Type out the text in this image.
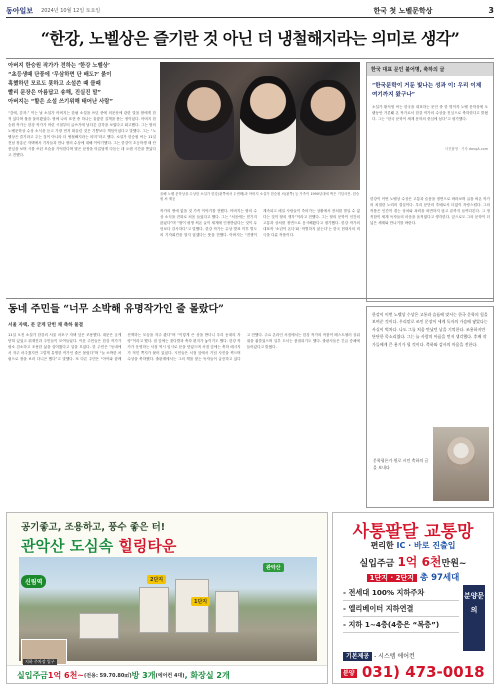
동아일보 2024년 10월 12일 토요일	한국 첫 노벨문학상	3
“한강, 노벨상은 즐기란 것 아닌 더 냉철해지라는 의미로 생각”
아버지 한승원 작가가 전하는 ‘한강 노벨상’
“초등생때 단풍에 ‘무삼하면 단 배도?’ 붉이
혹했하던 모르도 묫하고 소설쓴 때 클때
빨리 문장은 아름답고 송해, 진실진 말”
아버지는 “할은 소설 쓰기위해 태어난 사람”
“감에, 감자.” 이는 날 소설가 아버지는 한필 소설을 쓰던 중에 의문문에 관한 말을 딸에게 한 적 있다며 불을 물어봤었다. 딸에 나의 표현 중 하나는 훌륭한 질책을 묻는 정이었다. 아버지 한승원 작가는 한강 작가가 어린 시절부터 글쓰기에 남다른 감각을 보였다고 회고했다. 그는 딸의 노벨문학상 수상 소식을 듣고 가장 먼저 떠올린 것은 기쁨보다 책임이었다고 말했다. 그는 “노벨상은 즐기라고 주는 것이 아니라 더 냉철해지라는 의미”라고 했다. 소설가 한승원 씨는 11일 전남 장흥군 자택에서 기자들과 만나 딸의 수상에 대해 이야기했다. 그는 한강이 초등학생 때 단풍잎을 보며 시를 쓰던 모습을 기억한다며 딸은 문장을 아름답게 다듬는 데 오랜 시간을 쏟았다고 전했다.
올해 노벨 문학상을 수상한 소설가 한강(왼쪽에서 두번째)과 아버지 소설가 한승원 씨(왼쪽) 등 가족이 1990년대에 찍은 기념사진. 한승원 씨 제공
작가의 생애 없을 것 가족 이야기를 전했다. 아버지는 딸의 수상 소식을 전화로 처음 들었다고 했다. 그는 “처음에는 믿기지 않았다”며 “딸이 평생 써온 글이 세계에 인정받았다는 것이 무엇보다 감사하다”고 말했다. 한강 작가는 수상 발표 이후 별도의 기자회견을 열지 않겠다는 뜻을 전했다. 아버지는 “전쟁이 계속되고 매일 사람들이 죽어가는 상황에서 잔치를 벌일 수 없다는 것이 딸의 생각”이라고 전했다. 그는 딸의 문학이 인간의 고통과 상처를 정면으로 응시해왔다고 평가했다. 한강 작가의 대표작 ‘소년이 온다’와 ‘작별하지 않는다’는 한국 현대사의 비극을 다룬 작품이다.
한국 대표 문인 불어명, 축하의 글
“한국문학이 거둔 빛나는 성과 이! 우리 이제 여기까지 왔구나”
소설가 황석영 씨는 한국을 대표하는 문인 중 한 명이자 노벨 문학상에 오랫동안 거론돼 온 작가로서 한강 작가의 수상을 진심으로 축하한다고 밝혔다. 그는 “한국 문학이 세계 문학의 중심에 섰다”고 평가했다.
사진촬영 · 기자 dongA.com
한강이 이번 노벨상 수상은 고통과 슬픔을 정면으로 바라보며 글을 써온 작가의 치열한 노력의 결실이다. 우리 문단의 후배로서 더없이 자랑스럽다. 그의 작품은 인간이 겪는 상처와 폭력을 외면하지 않고 끝까지 들여다본다. 그 정직함이 세계 독자들의 마음을 움직였다고 생각한다. 앞으로도 그의 문학이 더 넓은 세계와 만나기를 바란다.
동네 주민들 “너무 소박해 유명작가인 줄 몰랐다”
서울 자택, 문 굳게 닫힌 채 축하 물결
11일 오전 소설가 한강의 서울 마포구 자택 앞은 조용했다. 대문은 굳게 닫혀 있었고 취재진과 주민들이 모여들었다. 이웃 주민들은 한강 작가가 평소 검소하고 조용한 삶을 살아왔다고 입을 모았다. 한 주민은 “동네에서 자주 마주쳤지만 그렇게 유명한 작가인 줄은 몰랐다”며 “늘 소박한 차림으로 장을 보러 다니곤 했다”고 말했다. 또 다른 주민은 “아이와 함께 산책하는 모습을 자주 봤다”며 “이렇게 큰 상을 받다니 우리 동네의 자랑”이라고 했다. 집 앞에는 꽃다발과 축하 편지가 놓이기도 했다. 한강 작가가 운영하는 서점 역시 임시로 문을 닫았으며 서점 앞에는 축하 메시지가 적힌 쪽지가 붙어 있었다. 시민들은 서점 앞에서 기념 사진을 찍으며 수상을 축하했다. 출판계에서는 그의 책을 찾는 독자들이 급증하고 있다고 전했다. 주요 온라인 서점에서는 한강 작가의 작품이 베스트셀러 상위권을 휩쓸었으며 일부 도서는 품절되기도 했다. 출판사들은 긴급 증쇄에 들어갔다고 밝혔다.
한강이 이번 노벨상 수상은 고통과 슬픔에 맞서는 한국 문학의 힘을 보여준 것이다. 우리말로 쓰인 문장이 세계 독자의 가슴에 닿았다는 사실이 벅차다. 나도 그를 처음 만났던 날을 기억한다. 조용하지만 단단한 목소리였다. 그는 늘 사람의 아픔을 먼저 생각했다. 후배 작가들에게 큰 용기가 될 것이다. 축하와 감사의 마음을 전한다.
문학평론가 원로 시인 축하의 글을 보내다
공기좋고, 조용하고, 풍수 좋은 터!
관악산 도심속 힐링타운
2단지
1단지
관악산
신림역
지하 주차장 입구
실입주금 1억 6천 ~ (전용: 59.70.80㎡) 방 3개 (에어컨 4대) , 화장실 2개
사통팔달 교통망
편리한 IC · 바로 진출입
실입주금 1억 6천만원~
1단지 · 2단지 총 97세대
- 전세대 100% 지하주차
- 엘리베이터 지하연결
- 지하 1~4층(4층은 “복층”)
분양문의
기본제공 - 시스템 에어컨
분양 031) 473-0018
